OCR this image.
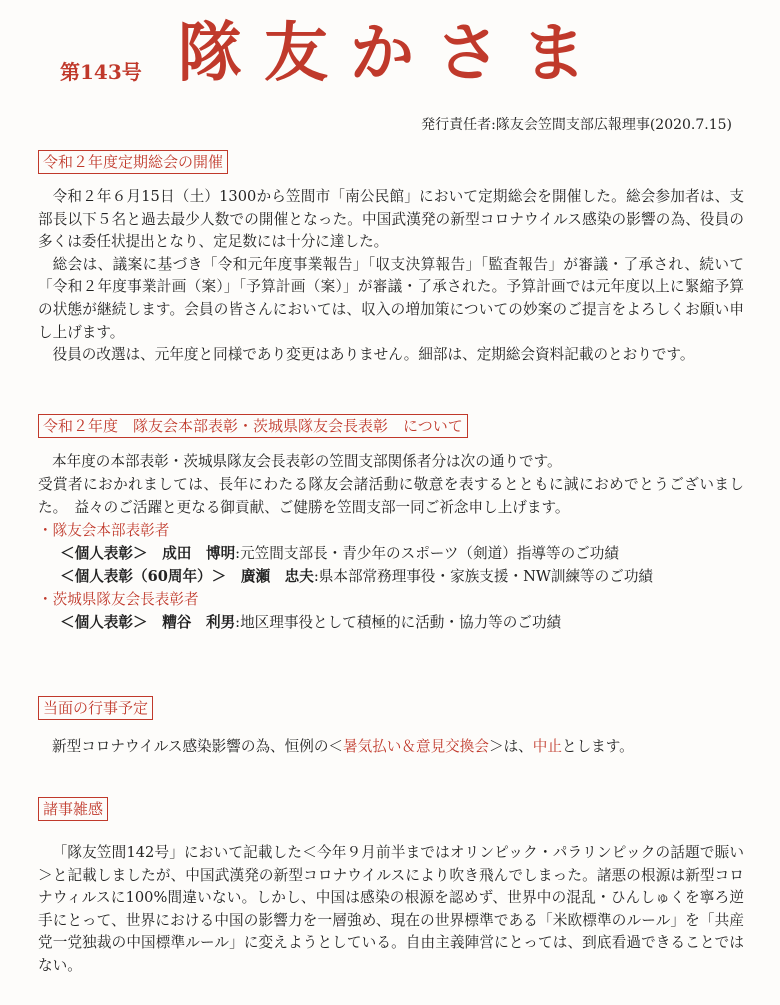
第143号 隊友かさま
発行責任者:隊友会笠間支部広報理事(2020.7.15)
令和２年度定期総会の開催

令和２年６月15日（土）1300から笠間市「南公民館」において定期総会を開催した。総会参加者は、支部長以下５名と過去最少人数での開催となった。中国武漢発の新型コロナウイルス感染の影響の為、役員の多くは委任状提出となり、定足数には十分に達した。

総会は、議案に基づき「令和元年度事業報告」「収支決算報告」「監査報告」が審議・了承され、続いて「令和２年度事業計画（案）」「予算計画（案）」が審議・了承された。予算計画では元年度以上に緊縮予算の状態が継続します。会員の皆さんにおいては、収入の増加策についての妙案のご提言をよろしくお願い申し上げます。

役員の改選は、元年度と同様であり変更はありません。細部は、定期総会資料記載のとおりです。

令和２年度　隊友会本部表彰・茨城県隊友会長表彰　について
本年度の本部表彰・茨城県隊友会長表彰の笠間支部関係者分は次の通りです。
受賞者におかれましては、長年にわたる隊友会諸活動に敬意を表するとともに誠におめでとうございました。　益々のご活躍と更なる御貢献、ご健勝を笠間支部一同ご祈念申し上げます。
・隊友会本部表彰者
＜個人表彰＞　 成田　博明:元笠間支部長・青少年のスポーツ（剣道）指導等のご功績
＜個人表彰（60周年）＞　 廣瀬　忠夫:県本部常務理事役・家族支援・NW訓練等のご功績
・茨城県隊友会長表彰者
＜個人表彰＞　 糟谷　利男:地区理事役として積極的に活動・協力等のご功績
当面の行事予定
新型コロナウイルス感染影響の為、恒例の＜暑気払い＆意見交換会＞は、中止とします。
諸事雑感

「隊友笠間142号」において記載した＜今年９月前半まではオリンピック・パラリンピックの話題で賑い＞と記載しましたが、中国武漢発の新型コロナウイルスにより吹き飛んでしまった。諸悪の根源は新型コロナウィルスに100%間違いない。しかし、中国は感染の根源を認めず、世界中の混乱・ひんしゅくを寧ろ逆手にとって、世界における中国の影響力を一層強め、現在の世界標準である「米欧標準のルール」を「共産党一党独裁の中国標準ルール」に変えようとしている。自由主義陣営にとっては、到底看過できることではない。
